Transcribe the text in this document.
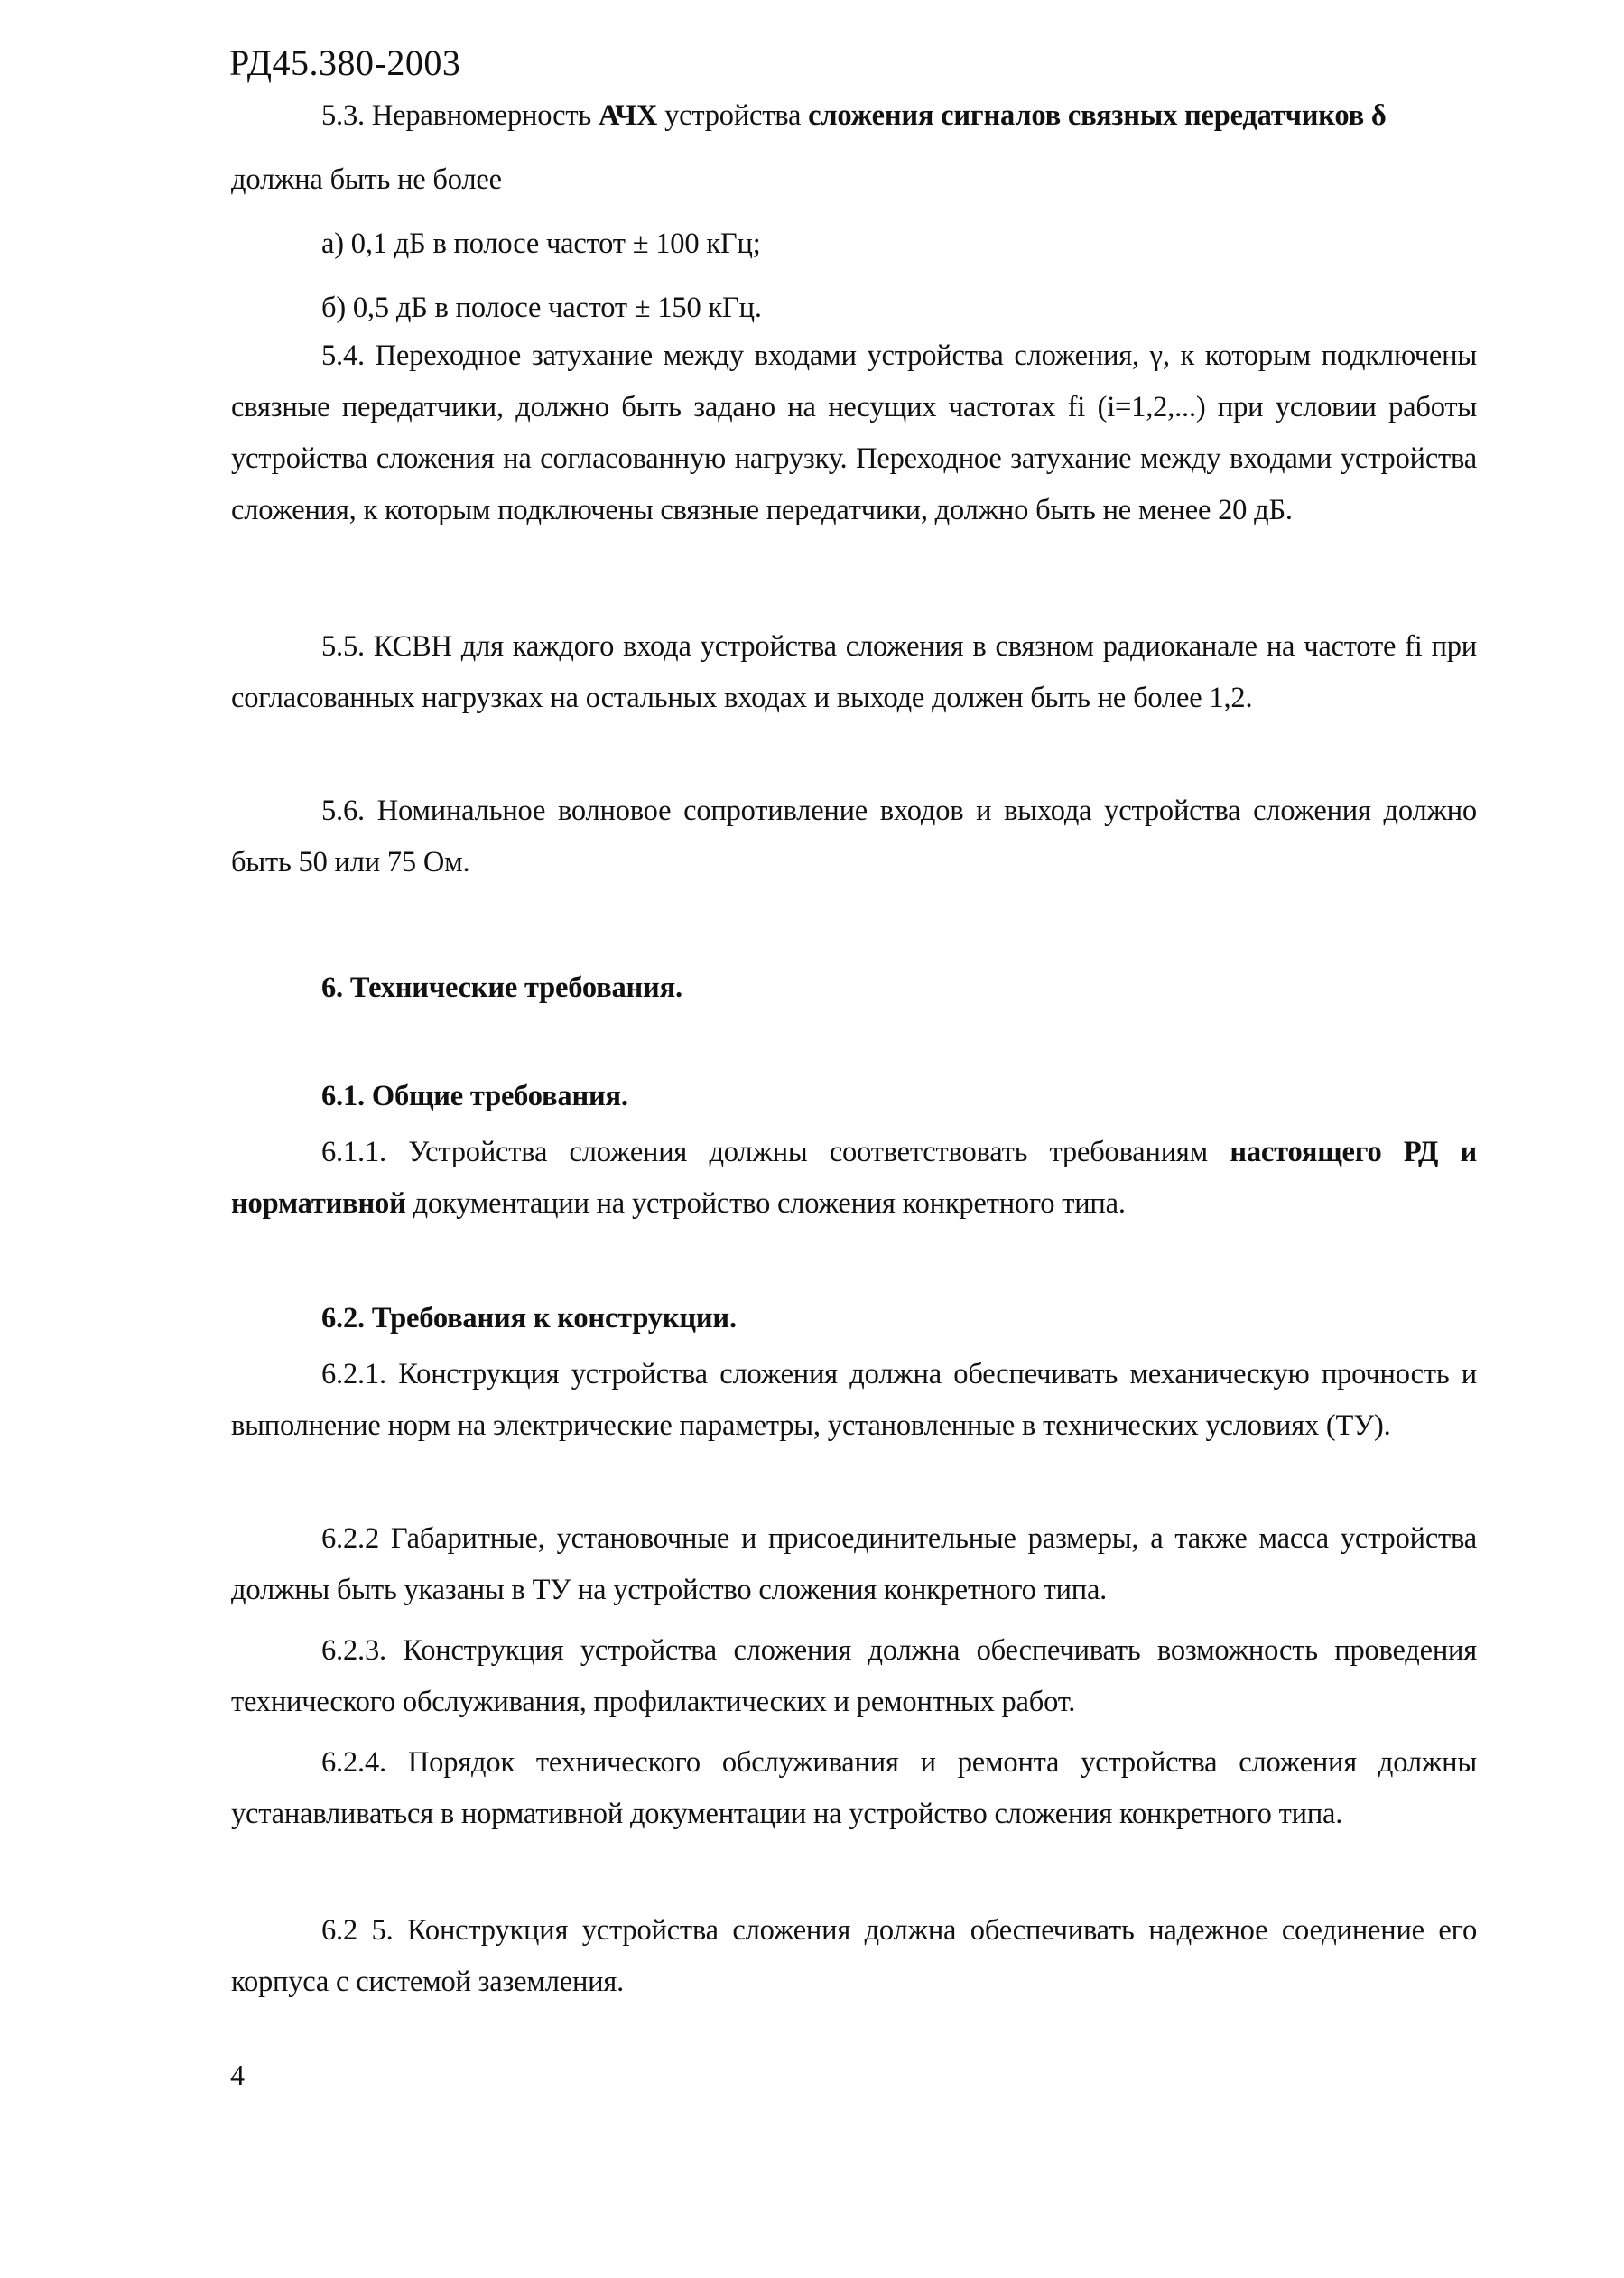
РД45.380-2003

5.3. Неравномерность АЧХ устройства сложения сигналов связных передатчиков δ

должна быть не более

а) 0,1 дБ в полосе частот ± 100 кГц;

б) 0,5 дБ в полосе частот ± 150 кГц.

5.4. Переходное затухание между входами устройства сложения, γ, к которым подключены связные передатчики, должно быть задано на несущих частотах fi (i=1,2,...) при условии работы устройства сложения на согласованную нагрузку. Переходное затухание между входами устройства сложения, к которым подключены связные передатчики, должно быть не менее 20 дБ.

5.5. КСВН для каждого входа устройства сложения в связном радиоканале на частоте fi при согласованных нагрузках на остальных входах и выходе должен быть не более 1,2.

5.6. Номинальное волновое сопротивление входов и выхода устройства сложения должно быть 50 или 75 Ом.

6. Технические требования.

6.1. Общие требования.

6.1.1. Устройства сложения должны соответствовать требованиям настоящего РД и нормативной документации на устройство сложения конкретного типа.

6.2. Требования к конструкции.

6.2.1. Конструкция устройства сложения должна обеспечивать механическую прочность и выполнение норм на электрические параметры, установленные в технических условиях (ТУ).

6.2.2 Габаритные, установочные и присоединительные размеры, а также масса устройства должны быть указаны в ТУ на устройство сложения конкретного типа.

6.2.3. Конструкция устройства сложения должна обеспечивать возможность проведения технического обслуживания, профилактических и ремонтных работ.

6.2.4. Порядок технического обслуживания и ремонта устройства сложения должны устанавливаться в нормативной документации на устройство сложения конкретного типа.

6.2 5. Конструкция устройства сложения должна обеспечивать надежное соединение его корпуса с системой заземления.

4
